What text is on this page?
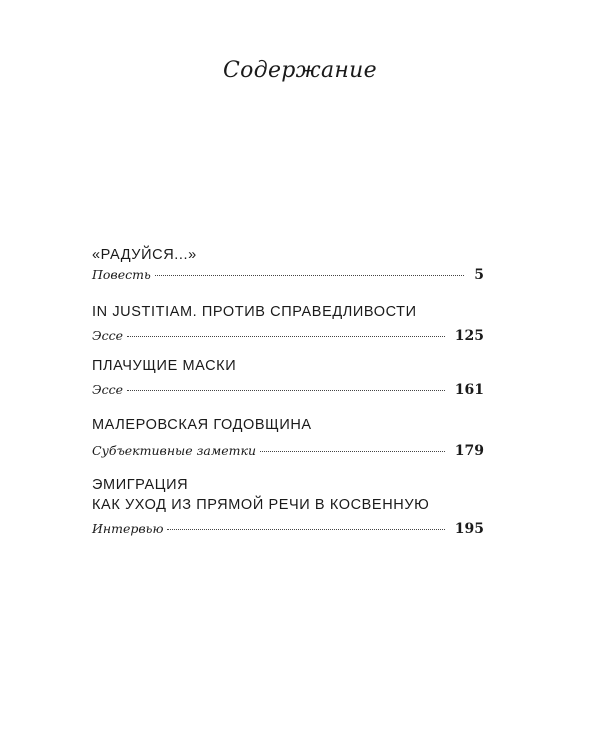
Содержание
«РАДУЙСЯ...»
Повесть	5
IN JUSTITIAM. ПРОТИВ СПРАВЕДЛИВОСТИ
Эссе	125
ПЛАЧУЩИЕ МАСКИ
Эссе	161
МАЛЕРОВСКАЯ ГОДОВЩИНА
Субъективные заметки	179
ЭМИГРАЦИЯ
КАК УХОД ИЗ ПРЯМОЙ РЕЧИ В КОСВЕННУЮ
Интервью	195
